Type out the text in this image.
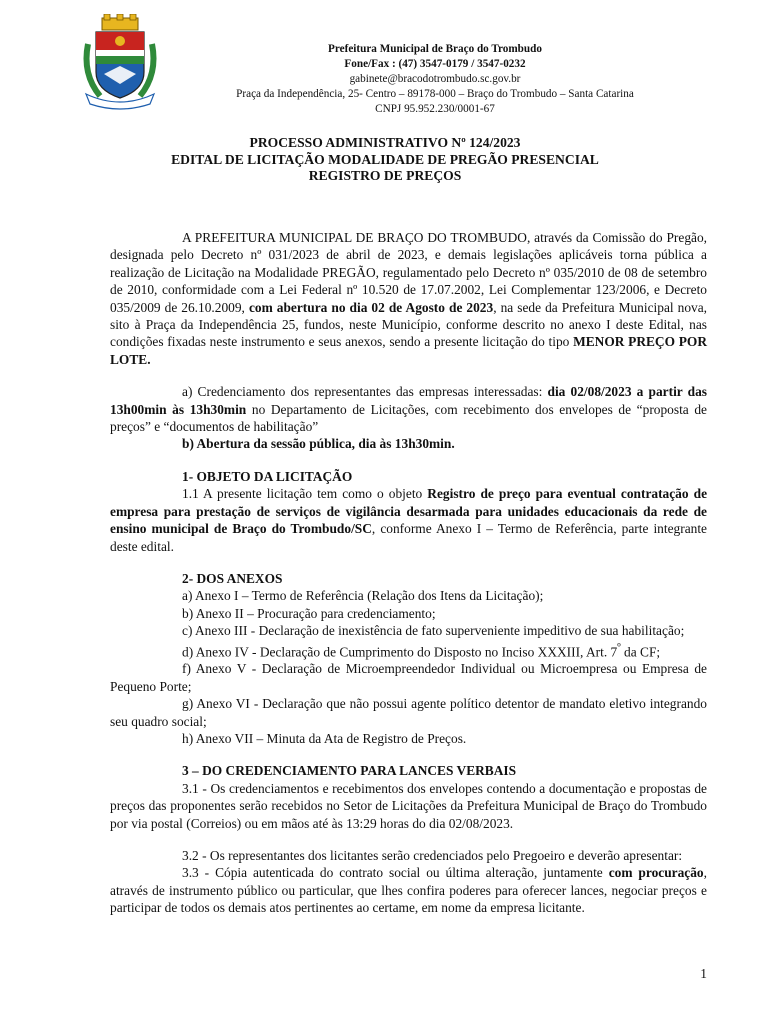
Prefeitura Municipal de Braço do Trombudo
Fone/Fax : (47) 3547-0179 / 3547-0232
gabinete@bracodotrombudo.sc.gov.br
Praça da Independência, 25- Centro – 89178-000 – Braço do Trombudo – Santa Catarina
CNPJ 95.952.230/0001-67
PROCESSO ADMINISTRATIVO Nº 124/2023
EDITAL DE LICITAÇÃO MODALIDADE DE PREGÃO PRESENCIAL
REGISTRO DE PREÇOS

A PREFEITURA MUNICIPAL DE BRAÇO DO TROMBUDO, através da Comissão do Pregão, designada pelo Decreto nº 031/2023 de abril de 2023, e demais legislações aplicáveis torna pública a realização de Licitação na Modalidade PREGÃO, regulamentado pelo Decreto nº 035/2010 de 08 de setembro de 2010, conformidade com a Lei Federal nº 10.520 de 17.07.2002, Lei Complementar 123/2006, e Decreto 035/2009 de 26.10.2009, com abertura no dia 02 de Agosto de 2023, na sede da Prefeitura Municipal nova, sito à Praça da Independência 25, fundos, neste Município, conforme descrito no anexo I deste Edital, nas condições fixadas neste instrumento e seus anexos, sendo a presente licitação do tipo MENOR PREÇO POR LOTE.

a) Credenciamento dos representantes das empresas interessadas: dia 02/08/2023 a partir das 13h00min às 13h30min no Departamento de Licitações, com recebimento dos envelopes de “proposta de preços” e “documentos de habilitação”

b) Abertura da sessão pública, dia às 13h30min.

1- OBJETO DA LICITAÇÃO

1.1 A presente licitação tem como o objeto Registro de preço para eventual contratação de empresa para prestação de serviços de vigilância desarmada para unidades educacionais da rede de ensino municipal de Braço do Trombudo/SC, conforme Anexo I – Termo de Referência, parte integrante deste edital.

2- DOS ANEXOS

a) Anexo I – Termo de Referência (Relação dos Itens da Licitação);

b) Anexo II – Procuração para credenciamento;

c) Anexo III - Declaração de inexistência de fato superveniente impeditivo de sua habilitação;

d) Anexo IV - Declaração de Cumprimento do Disposto no Inciso XXXIII, Art. $7^º$ da CF;

f) Anexo V - Declaração de Microempreendedor Individual ou Microempresa ou Empresa de Pequeno Porte;

g) Anexo VI - Declaração que não possui agente político detentor de mandato eletivo integrando seu quadro social;

h) Anexo VII – Minuta da Ata de Registro de Preços.

3 – DO CREDENCIAMENTO PARA LANCES VERBAIS

3.1 - Os credenciamentos e recebimentos dos envelopes contendo a documentação e propostas de preços das proponentes serão recebidos no Setor de Licitações da Prefeitura Municipal de Braço do Trombudo por via postal (Correios) ou em mãos até às 13:29 horas do dia 02/08/2023.

3.2 - Os representantes dos licitantes serão credenciados pelo Pregoeiro e deverão apresentar:

3.3 - Cópia autenticada do contrato social ou última alteração, juntamente com procuração, através de instrumento público ou particular, que lhes confira poderes para oferecer lances, negociar preços e participar de todos os demais atos pertinentes ao certame, em nome da empresa licitante.

1
